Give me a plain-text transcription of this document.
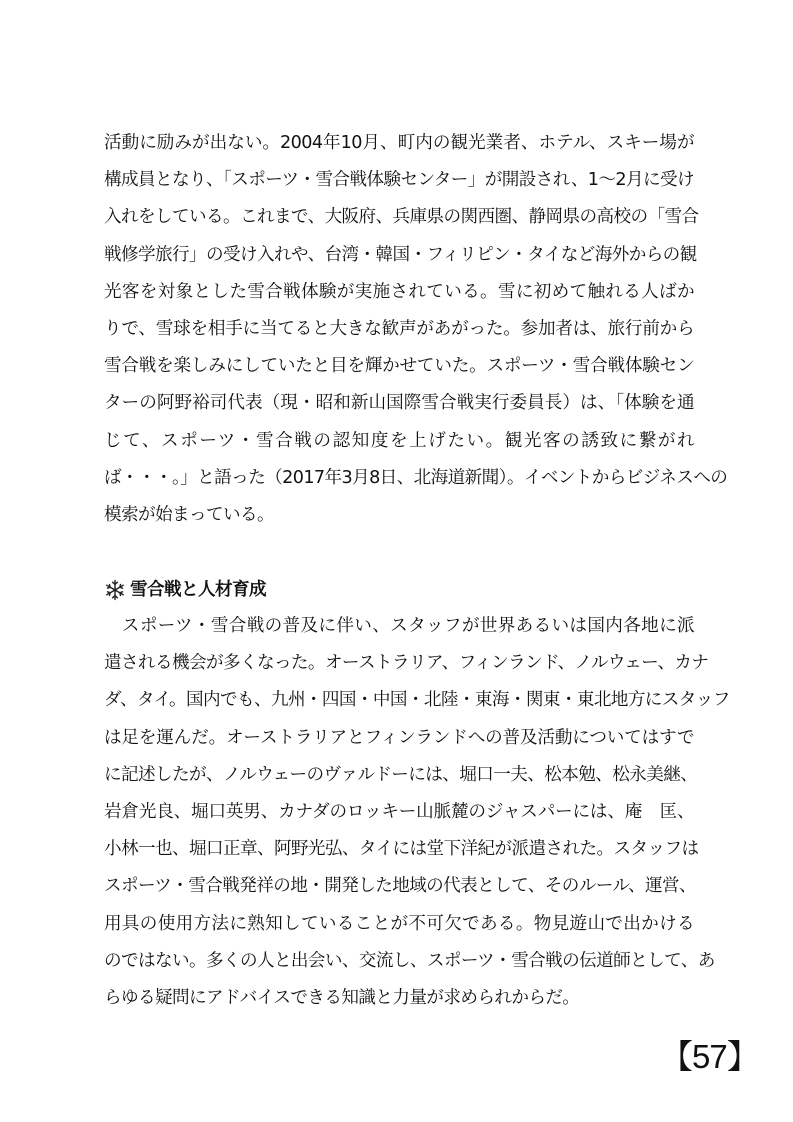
活動に励みが出ない。2004年10月、町内の観光業者、ホテル、スキー場が
構成員となり、「スポーツ・雪合戦体験センター」が開設され、1～2月に受け
入れをしている。これまで、大阪府、兵庫県の関西圏、静岡県の高校の「雪合
戦修学旅行」の受け入れや、台湾・韓国・フィリピン・タイなど海外からの観
光客を対象とした雪合戦体験が実施されている。雪に初めて触れる人ばか
りで、雪球を相手に当てると大きな歓声があがった。参加者は、旅行前から
雪合戦を楽しみにしていたと目を輝かせていた。スポーツ・雪合戦体験セン
ターの阿野裕司代表（現・昭和新山国際雪合戦実行委員長）は、「体験を通
じて、スポーツ・雪合戦の認知度を上げたい。観光客の誘致に繋がれ
ば・・・。」と語った（2017年3月8日、北海道新聞）。イベントからビジネスへの
模索が始まっている。
雪合戦と人材育成
　スポーツ・雪合戦の普及に伴い、スタッフが世界あるいは国内各地に派
遣される機会が多くなった。オーストラリア、フィンランド、ノルウェー、カナ
ダ、タイ。国内でも、九州・四国・中国・北陸・東海・関東・東北地方にスタッフ
は足を運んだ。オーストラリアとフィンランドへの普及活動についてはすで
に記述したが、ノルウェーのヴァルドーには、堀口一夫、松本勉、松永美継、
岩倉光良、堀口英男、カナダのロッキー山脈麓のジャスパーには、庵　匡、
小林一也、堀口正章、阿野光弘、タイには堂下洋紀が派遣された。スタッフは
スポーツ・雪合戦発祥の地・開発した地域の代表として、そのルール、運営、
用具の使用方法に熟知していることが不可欠である。物見遊山で出かける
のではない。多くの人と出会い、交流し、スポーツ・雪合戦の伝道師として、あ
らゆる疑問にアドバイスできる知識と力量が求められからだ。
【57】
